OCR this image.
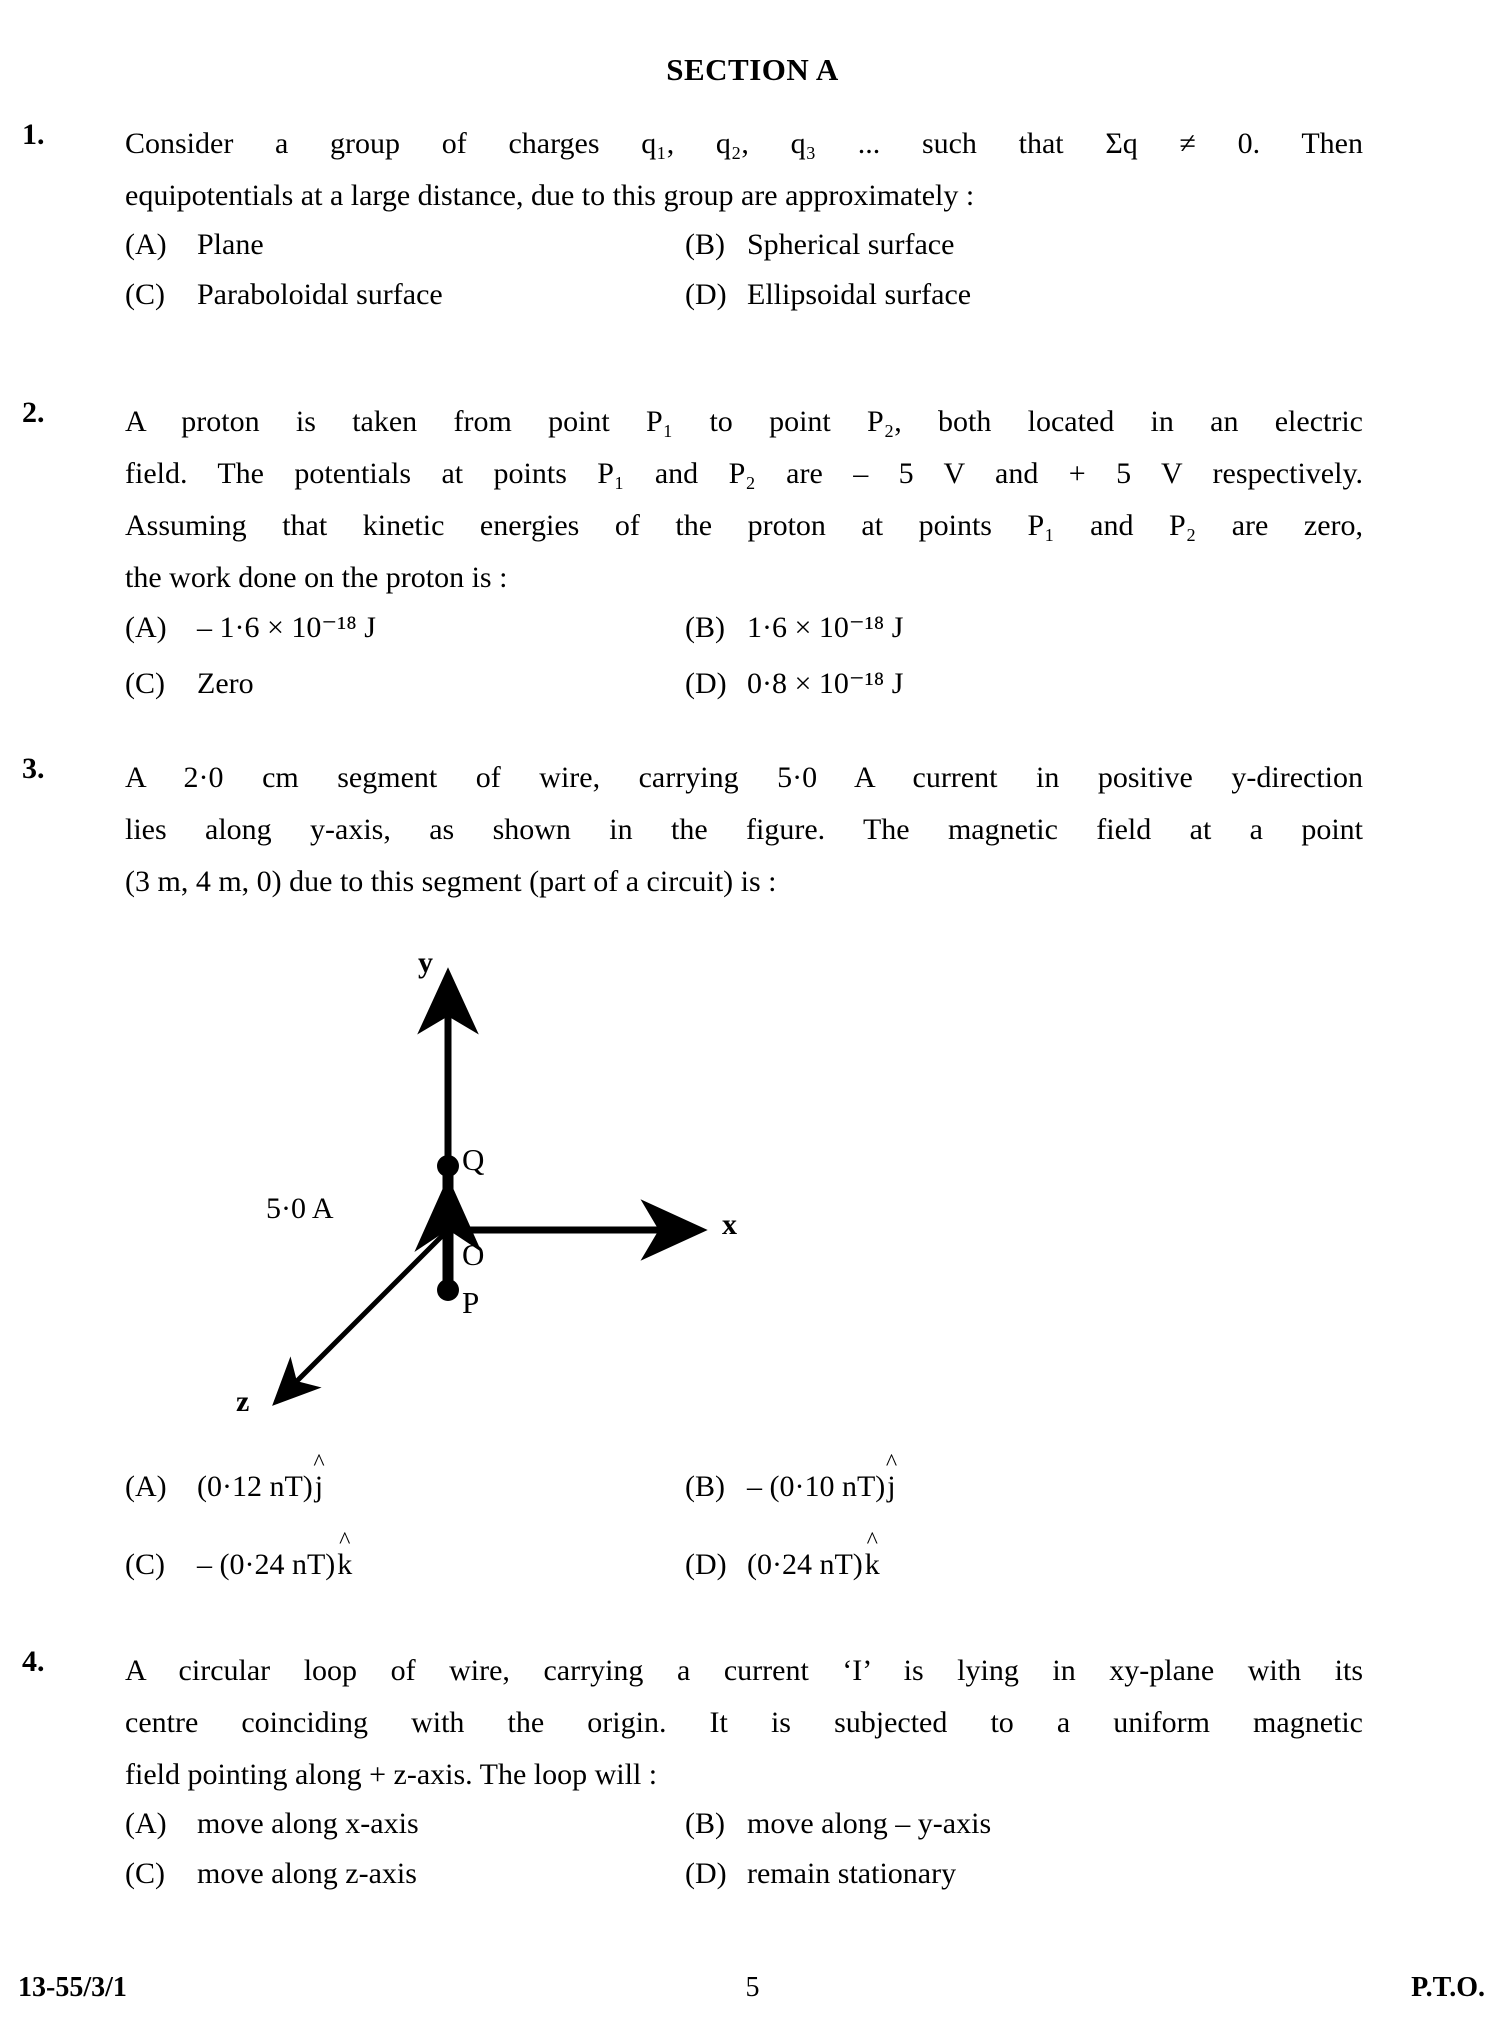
SECTION A
1.	Consider a group of charges q₁, q₂, q₃ ... such that Σq ≠ 0. Then
equipotentials at a large distance, due to this group are approximately :
(A)	Plane	(B) Spherical surface
(C)	Paraboloidal surface	(D) Ellipsoidal surface
2.	A proton is taken from point P₁ to point P₂, both located in an electric
field. The potentials at points P₁ and P₂ are – 5 V and + 5 V respectively.
Assuming that kinetic energies of the proton at points P₁ and P₂ are zero,
the work done on the proton is :
(A)	– 1·6 × 10⁻¹⁸ J	(B) 1·6 × 10⁻¹⁸ J
(C)	Zero	(D) 0·8 × 10⁻¹⁸ J
3.	A 2·0 cm segment of wire, carrying 5·0 A current in positive y-direction
lies along y-axis, as shown in the figure. The magnetic field at a point
(3 m, 4 m, 0) due to this segment (part of a circuit) is :
y
x
z
Q
O
P
5·0 A
(A)	(0·12 nT)
^
j	(B) – (0·10 nT)
^
j
(C)	– (0·24 nT)
^
k	(D) (0·24 nT)
^
k
4.	A circular loop of wire, carrying a current ‘I’ is lying in xy-plane with its
centre coinciding with the origin. It is subjected to a uniform magnetic
field pointing along + z-axis. The loop will :
(A)	move along x-axis	(B) move along – y-axis
(C)	move along z-axis	(D) remain stationary
13-55/3/1	5	P.T.O.
